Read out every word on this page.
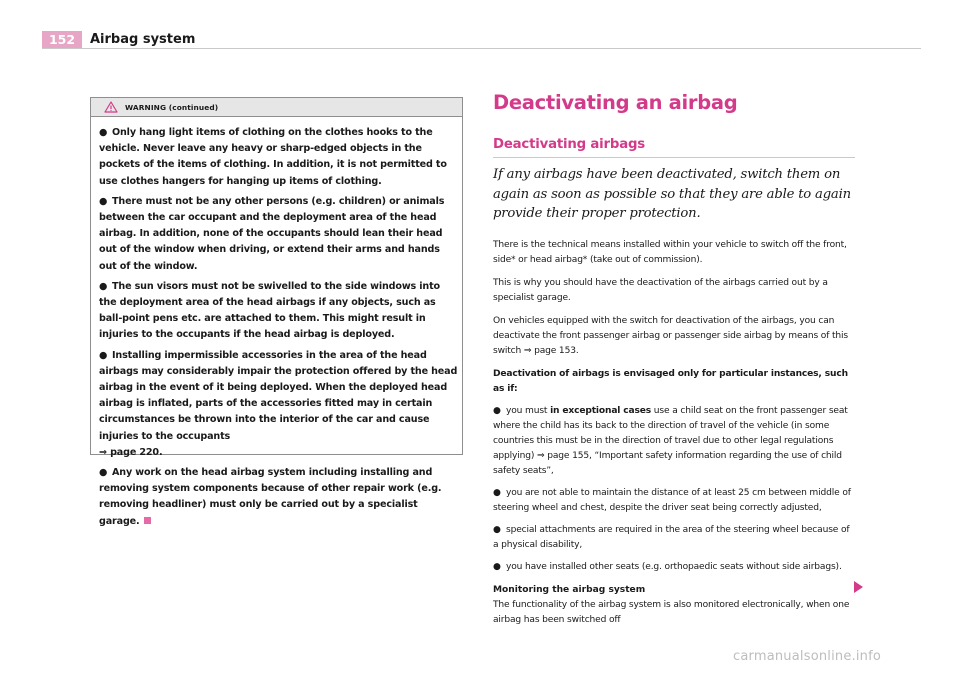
152	Airbag system
WARNING (continued)

● Only hang light items of clothing on the clothes hooks to the vehicle. Never leave any heavy or sharp-edged objects in the pockets of the items of clothing. In addition, it is not permitted to use clothes hangers for hanging up items of clothing.

● There must not be any other persons (e.g. children) or animals between the car occupant and the deployment area of the head airbag. In addition, none of the occupants should lean their head out of the window when driving, or extend their arms and hands out of the window.

● The sun visors must not be swivelled to the side windows into the deployment area of the head airbags if any objects, such as ball-point pens etc. are attached to them. This might result in injuries to the occupants if the head airbag is deployed.

● Installing impermissible accessories in the area of the head airbags may considerably impair the protection offered by the head airbag in the event of it being deployed. When the deployed head airbag is inflated, parts of the accessories fitted may in certain circumstances be thrown into the interior of the car and cause injuries to the occupants
⇒ page 220.

● Any work on the head airbag system including installing and removing system components because of other repair work (e.g. removing headliner) must only be carried out by a specialist garage.

Deactivating an airbag
Deactivating airbags

If any airbags have been deactivated, switch them on again as soon as possible so that they are able to again provide their proper protection.

There is the technical means installed within your vehicle to switch off the front, side* or head airbag* (take out of commission).

This is why you should have the deactivation of the airbags carried out by a specialist garage.

On vehicles equipped with the switch for deactivation of the airbags, you can deactivate the front passenger airbag or passenger side airbag by means of this switch ⇒ page 153.

Deactivation of airbags is envisaged only for particular instances, such as if:

● you must in exceptional cases use a child seat on the front passenger seat where the child has its back to the direction of travel of the vehicle (in some countries this must be in the direction of travel due to other legal regulations applying) ⇒ page 155, “Important safety information regarding the use of child safety seats”,

● you are not able to maintain the distance of at least 25 cm between middle of steering wheel and chest, despite the driver seat being correctly adjusted,

● special attachments are required in the area of the steering wheel because of a physical disability,

● you have installed other seats (e.g. orthopaedic seats without side airbags).

Monitoring the airbag system

The functionality of the airbag system is also monitored electronically, when one airbag has been switched off

carmanualsonline.info
